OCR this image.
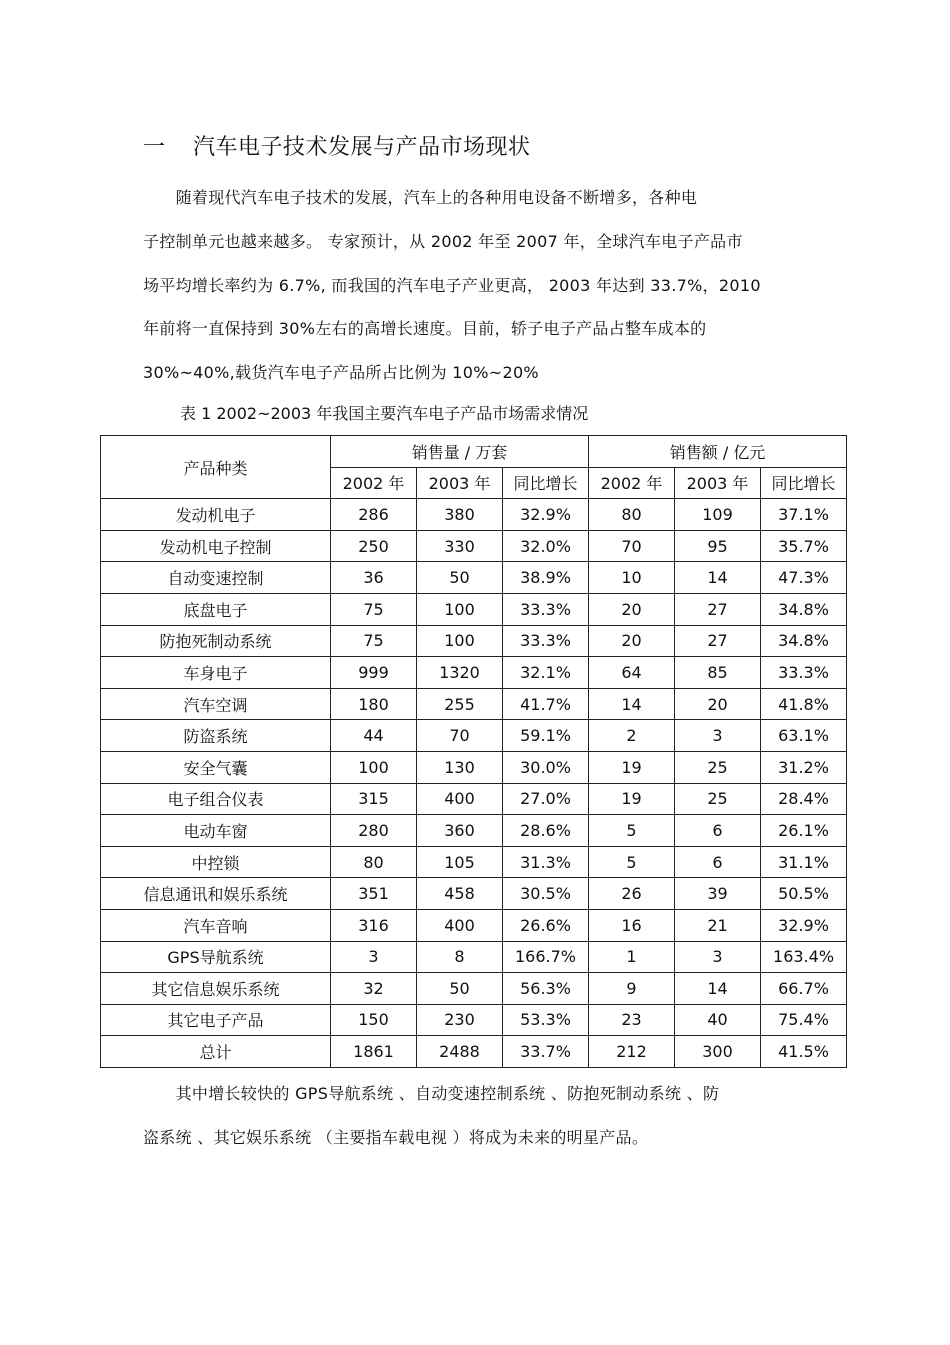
一 汽车电子技术发展与产品市场现状
　　随着现代汽车电子技术的发展，汽车上的各种用电设备不断增多，各种电
子控制单元也越来越多。 专家预计，从 2002 年至 2007 年，全球汽车电子产品市
场平均增长率约为 6.7%, 而我国的汽车电子产业更高， 2003 年达到 33.7%，2010
年前将一直保持到 30%左右的高增长速度。目前，轿子电子产品占整车成本的
30%~40%,载货汽车电子产品所占比例为 10%~20%
表 1 2002~2003 年我国主要汽车电子产品市场需求情况
产品种类	销售量 / 万套			销售额 / 亿元		
	2002 年	2003 年	同比增长	2002 年	2003 年	同比增长
发动机电子	286	380	32.9%	80	109	37.1%
发动机电子控制	250	330	32.0%	70	95	35.7%
自动变速控制	36	50	38.9%	10	14	47.3%
底盘电子	75	100	33.3%	20	27	34.8%
防抱死制动系统	75	100	33.3%	20	27	34.8%
车身电子	999	1320	32.1%	64	85	33.3%
汽车空调	180	255	41.7%	14	20	41.8%
防盗系统	44	70	59.1%	2	3	63.1%
安全气囊	100	130	30.0%	19	25	31.2%
电子组合仪表	315	400	27.0%	19	25	28.4%
电动车窗	280	360	28.6%	5	6	26.1%
中控锁	80	105	31.3%	5	6	31.1%
信息通讯和娱乐系统	351	458	30.5%	26	39	50.5%
汽车音响	316	400	26.6%	16	21	32.9%
GPS导航系统	3	8	166.7%	1	3	163.4%
其它信息娱乐系统	32	50	56.3%	9	14	66.7%
其它电子产品	150	230	53.3%	23	40	75.4%
总计	1861	2488	33.7%	212	300	41.5%
　　其中增长较快的 GPS导航系统 、自动变速控制系统 、防抱死制动系统 、防
盗系统 、其它娱乐系统 （主要指车载电视 ）将成为未来的明星产品。
